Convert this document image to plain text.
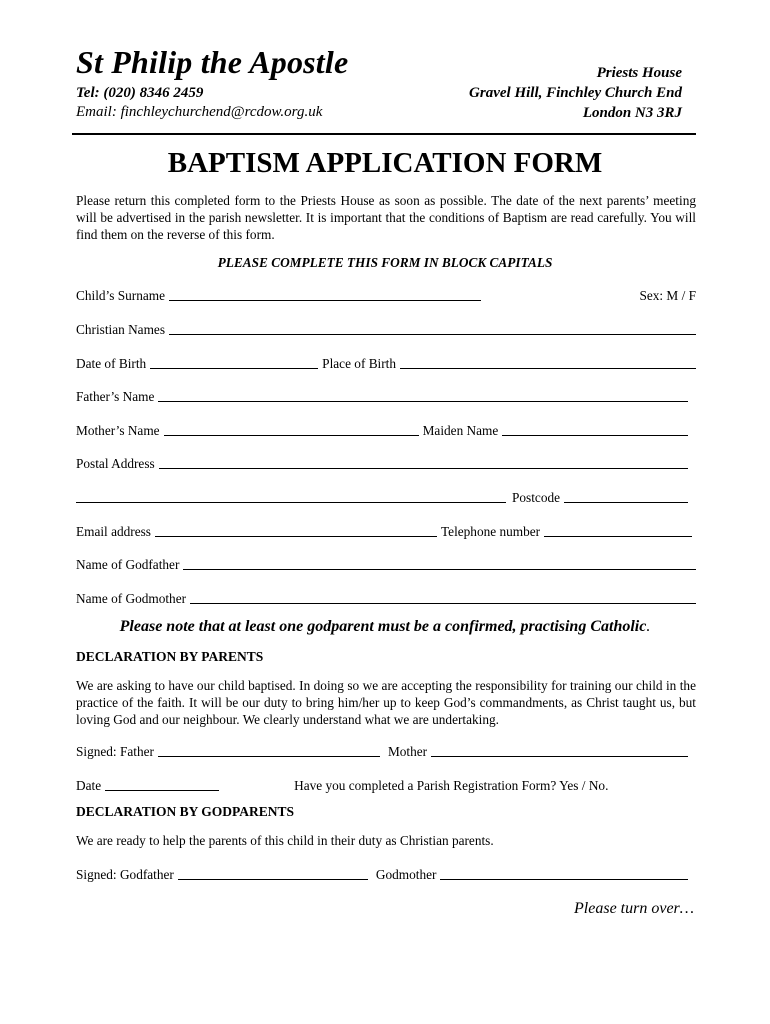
St Philip the Apostle
Tel: (020) 8346 2459
Email: finchleychurchend@rcdow.org.uk
Priests House
Gravel Hill, Finchley Church End
London N3 3RJ
BAPTISM APPLICATION FORM
Please return this completed form to the Priests House as soon as possible. The date of the next parents’ meeting will be advertised in the parish newsletter. It is important that the conditions of Baptism are read carefully. You will find them on the reverse of this form.
PLEASE COMPLETE THIS FORM IN BLOCK CAPITALS
Child’s Surname	Sex: M / F
Christian Names
Date of Birth	Place of Birth
Father’s Name
Mother’s Name	Maiden Name
Postal Address
Postcode
Email address	Telephone number
Name of Godfather
Name of Godmother
Please note that at least one godparent must be a confirmed, practising Catholic.
DECLARATION BY PARENTS
We are asking to have our child baptised. In doing so we are accepting the responsibility for training our child in the practice of the faith. It will be our duty to bring him/her up to keep God’s commandments, as Christ taught us, but loving God and our neighbour. We clearly understand what we are undertaking.
Signed: Father	Mother
Date	Have you completed a Parish Registration Form? Yes / No.
DECLARATION BY GODPARENTS
We are ready to help the parents of this child in their duty as Christian parents.
Signed: Godfather	Godmother
Please turn over…
